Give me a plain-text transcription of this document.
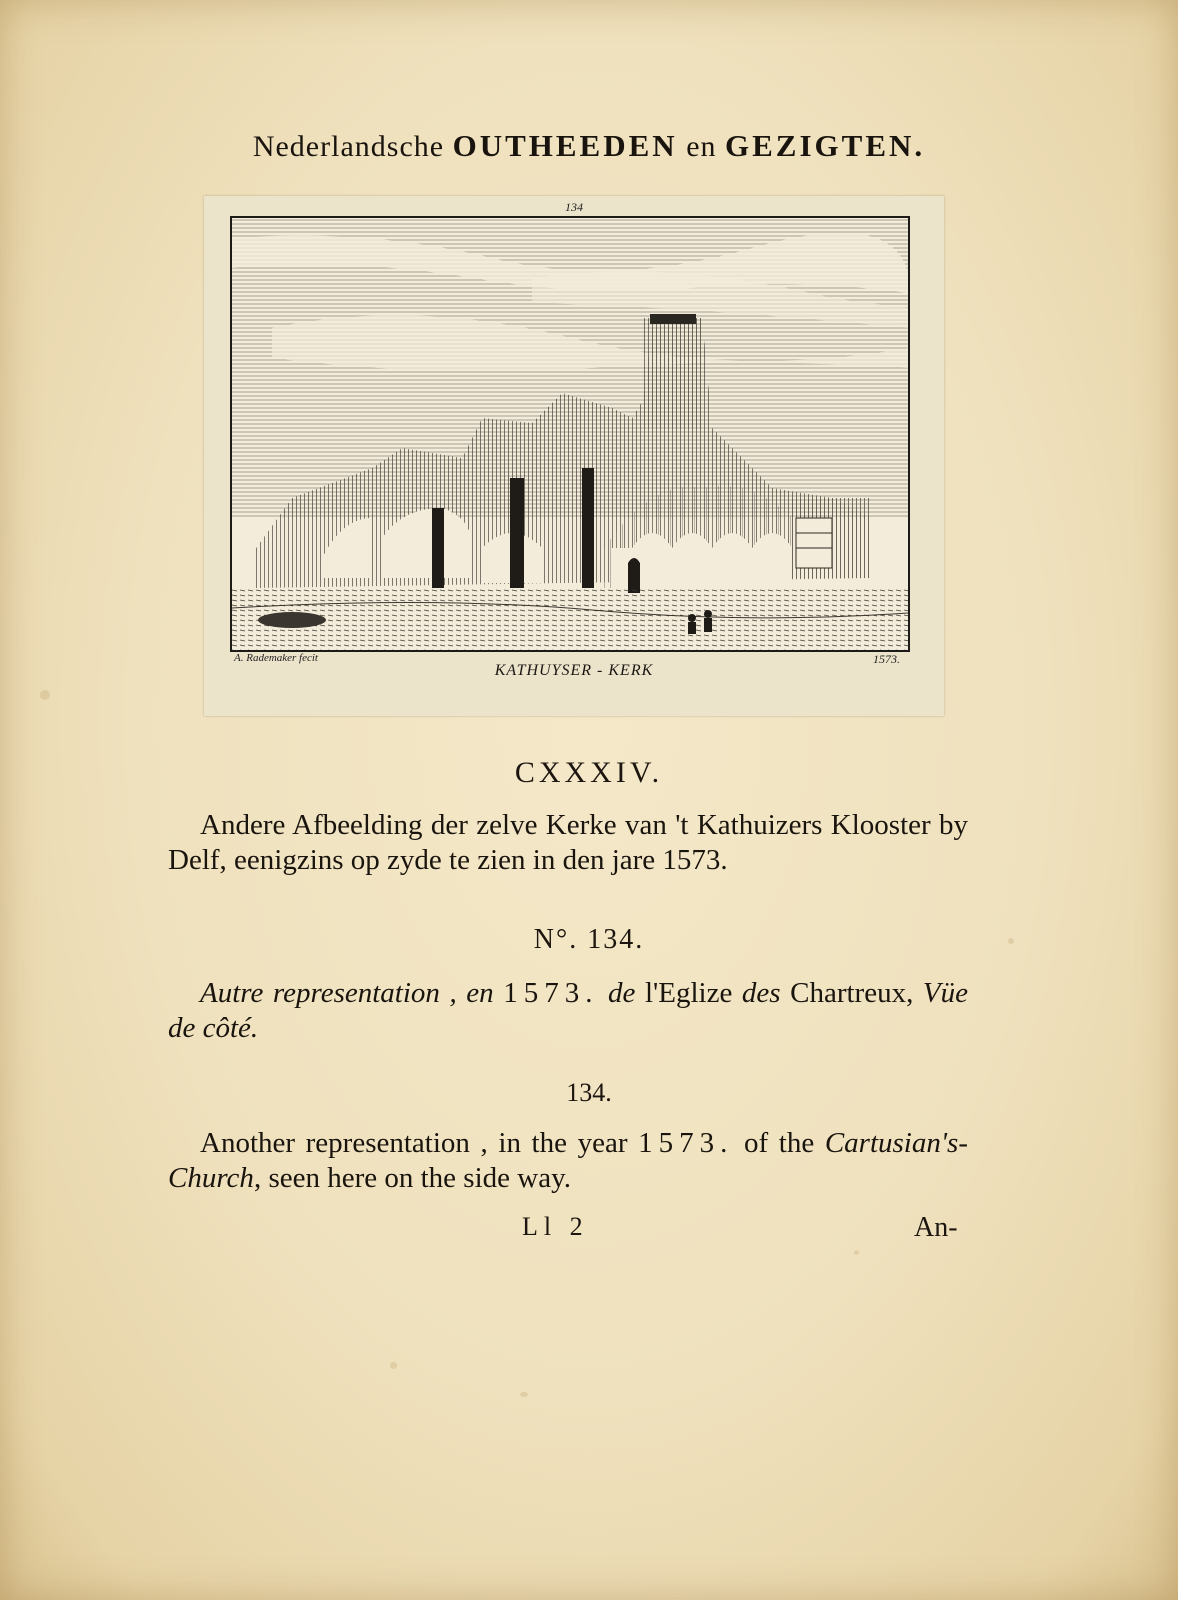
Nederlandsche OUTHEEDEN en GEZIGTEN.
134
A. Rademaker fecit
KATHUYSER - KERK
1573.
CXXXIV.
Andere Afbeelding der zelve Kerke van 't Kathuizers Klooster by Delf, eenigzins op zyde te zien in den jare 1573.
N°. 134.
Autre representation , en 1573. de l'Eglize des Chartreux, Vüe de côté.
134.
Another representation , in the year 1573. of the Cartusian's-Church, seen here on the side way.
Ll 2	An-
